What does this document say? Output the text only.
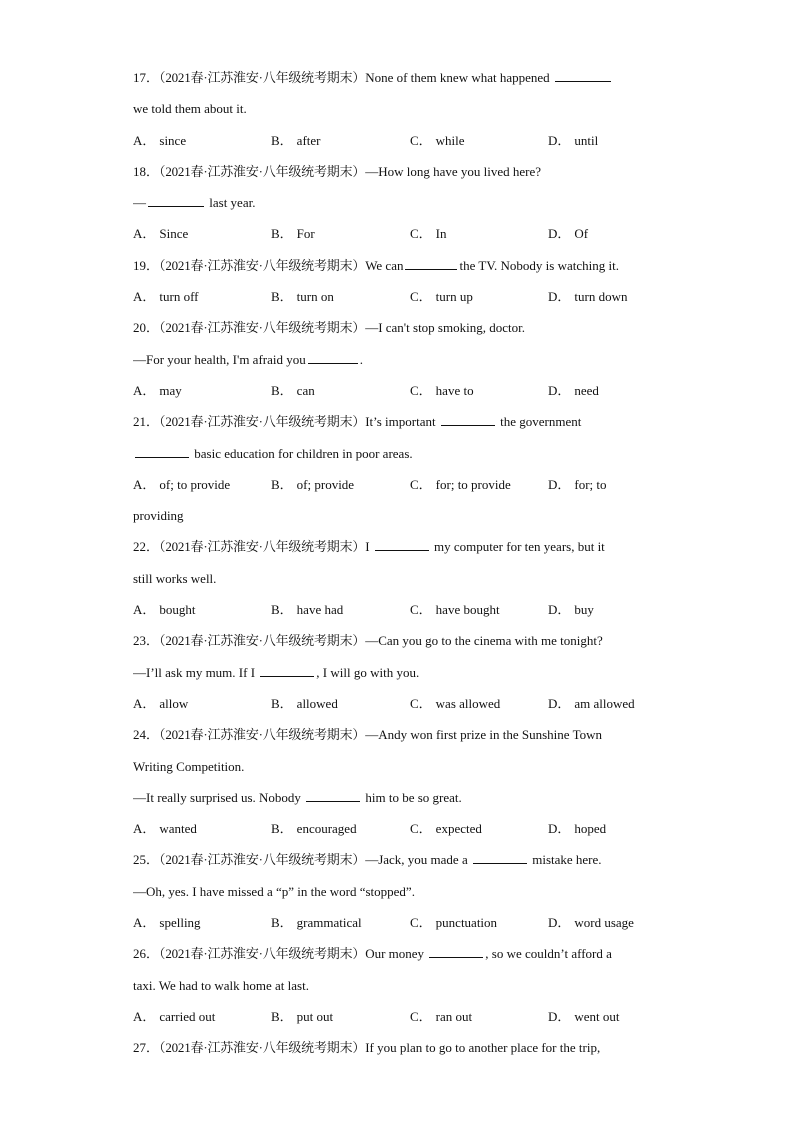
17．（2021春·江苏淮安·八年级统考期末）None of them knew what happened
we told them about it.
A． since	B． after	C． while	D． until
18．（2021春·江苏淮安·八年级统考期末）—How long have you lived here?
—	last year.
A． Since	B． For	C． In	D． Of
19．（2021春·江苏淮安·八年级统考期末）We can	the TV. Nobody is watching it.
A． turn off	B． turn on	C． turn up	D． turn down
20．（2021春·江苏淮安·八年级统考期末）—I can't stop smoking, doctor.
—For your health, I'm afraid you	.
A． may	B． can	C． have to	D． need
21．（2021春·江苏淮安·八年级统考期末）It’s important	the government
basic education for children in poor areas.
A． of; to provide	B． of; provide	C． for; to provide	D． for; to
providing
22．（2021春·江苏淮安·八年级统考期末）I	my computer for ten years, but it
still works well.
A． bought	B． have had	C． have bought	D． buy
23．（2021春·江苏淮安·八年级统考期末）—Can you go to the cinema with me tonight?
—I’ll ask my mum. If I	, I will go with you.
A． allow	B． allowed	C． was allowed	D． am allowed
24．（2021春·江苏淮安·八年级统考期末）—Andy won first prize in the Sunshine Town
Writing Competition.
—It really surprised us. Nobody	him to be so great.
A． wanted	B． encouraged	C． expected	D． hoped
25．（2021春·江苏淮安·八年级统考期末）—Jack, you made a	mistake here.
—Oh, yes. I have missed a “p” in the word “stopped”.
A． spelling	B． grammatical	C． punctuation	D． word usage
26．（2021春·江苏淮安·八年级统考期末）Our money	, so we couldn’t afford a
taxi. We had to walk home at last.
A． carried out	B． put out	C． ran out	D． went out
27．（2021春·江苏淮安·八年级统考期末）If you plan to go to another place for the trip,
